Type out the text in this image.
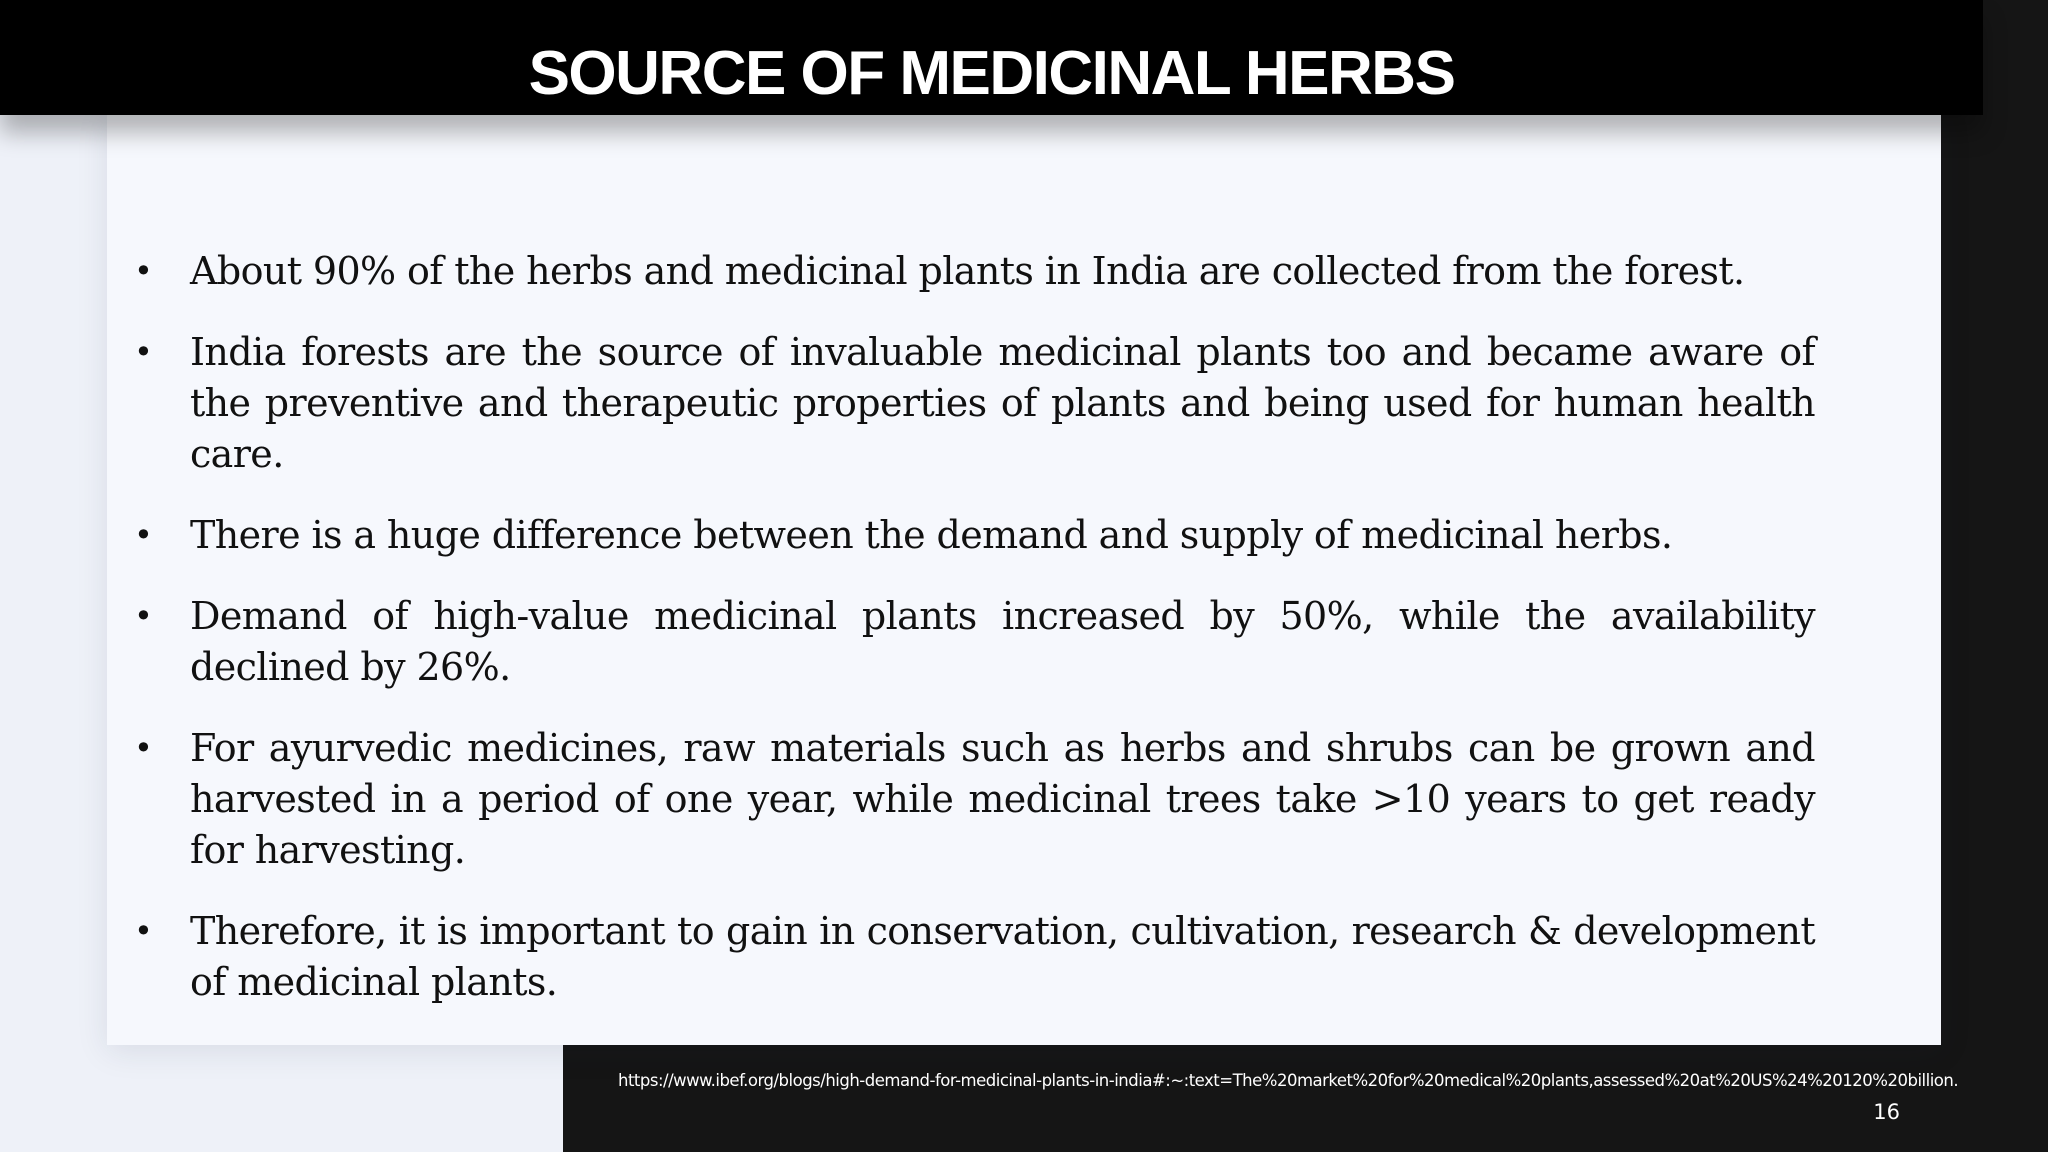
SOURCE OF MEDICINAL HERBS
• About 90% of the herbs and medicinal plants in India are collected from the forest.
• India forests are the source of invaluable medicinal plants too and became aware of the preventive and therapeutic properties of plants and being used for human health care.
• There is a huge difference between the demand and supply of medicinal herbs.
• Demand of high-value medicinal plants increased by 50%, while the availability declined by 26%.
• For ayurvedic medicines, raw materials such as herbs and shrubs can be grown and harvested in a period of one year, while medicinal trees take >10 years to get ready for harvesting.
• Therefore, it is important to gain in conservation, cultivation, research & development of medicinal plants.
https://www.ibef.org/blogs/high-demand-for-medicinal-plants-in-india#:~:text=The%20market%20for%20medical%20plants,assessed%20at%20US%24%20120%20billion.
16
